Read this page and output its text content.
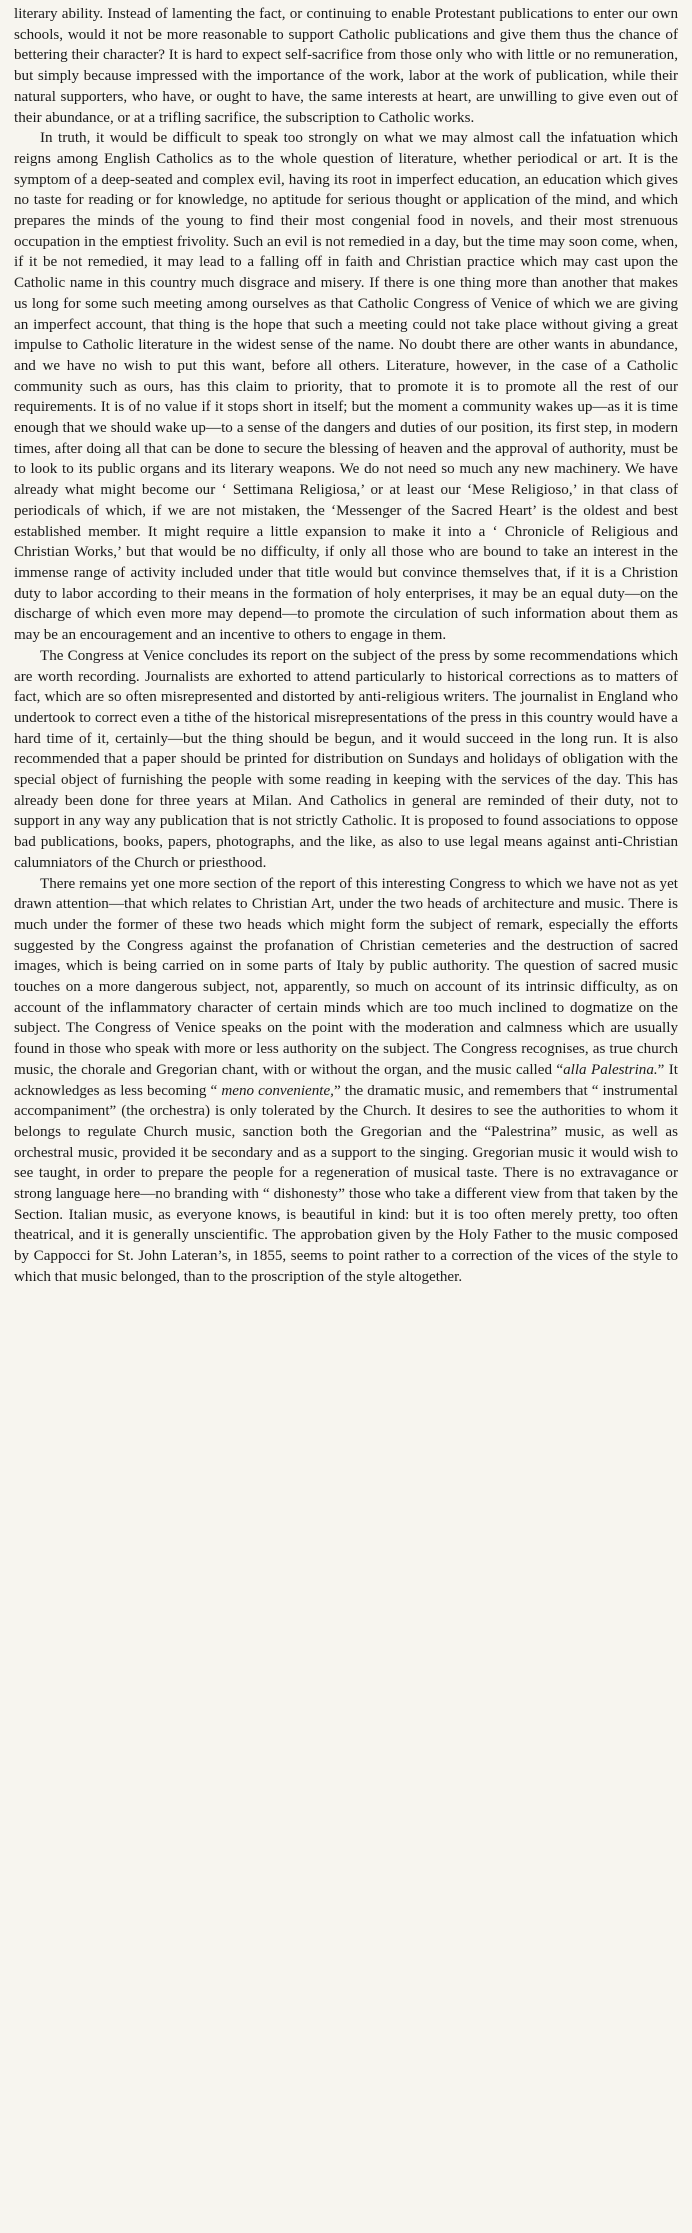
literary ability. Instead of lamenting the fact, or continuing to enable Protestant publications to enter our own schools, would it not be more reasonable to support Catholic publications and give them thus the chance of bettering their character? It is hard to expect self-sacrifice from those only who with little or no remuneration, but simply because impressed with the importance of the work, labor at the work of publication, while their natural supporters, who have, or ought to have, the same interests at heart, are unwilling to give even out of their abundance, or at a trifling sacrifice, the subscription to Catholic works.

In truth, it would be difficult to speak too strongly on what we may almost call the infatuation which reigns among English Catholics as to the whole question of literature, whether periodical or art. It is the symptom of a deep-seated and complex evil, having its root in imperfect education, an education which gives no taste for reading or for knowledge, no aptitude for serious thought or application of the mind, and which prepares the minds of the young to find their most congenial food in novels, and their most strenuous occupation in the emptiest frivolity. Such an evil is not remedied in a day, but the time may soon come, when, if it be not remedied, it may lead to a falling off in faith and Christian practice which may cast upon the Catholic name in this country much disgrace and misery. If there is one thing more than another that makes us long for some such meeting among ourselves as that Catholic Congress of Venice of which we are giving an imperfect account, that thing is the hope that such a meeting could not take place without giving a great impulse to Catholic literature in the widest sense of the name. No doubt there are other wants in abundance, and we have no wish to put this want, before all others. Literature, however, in the case of a Catholic community such as ours, has this claim to priority, that to promote it is to promote all the rest of our requirements. It is of no value if it stops short in itself; but the moment a community wakes up—as it is time enough that we should wake up—to a sense of the dangers and duties of our position, its first step, in modern times, after doing all that can be done to secure the blessing of heaven and the approval of authority, must be to look to its public organs and its literary weapons. We do not need so much any new machinery. We have already what might become our ‘ Settimana Religiosa,’ or at least our ‘Mese Religioso,’ in that class of periodicals of which, if we are not mistaken, the ‘Messenger of the Sacred Heart’ is the oldest and best established member. It might require a little expansion to make it into a ‘ Chronicle of Religious and Christian Works,’ but that would be no difficulty, if only all those who are bound to take an interest in the immense range of activity included under that title would but convince themselves that, if it is a Christion duty to labor according to their means in the formation of holy enterprises, it may be an equal duty—on the discharge of which even more may depend—to promote the circulation of such information about them as may be an encouragement and an incentive to others to engage in them.

The Congress at Venice concludes its report on the subject of the press by some recommendations which are worth recording. Journalists are exhorted to attend particularly to historical corrections as to matters of fact, which are so often misrepresented and distorted by anti-religious writers. The journalist in England who undertook to correct even a tithe of the historical misrepresentations of the press in this country would have a hard time of it, certainly—but the thing should be begun, and it would succeed in the long run. It is also recommended that a paper should be printed for distribution on Sundays and holidays of obligation with the special object of furnishing the people with some reading in keeping with the services of the day. This has already been done for three years at Milan. And Catholics in general are reminded of their duty, not to support in any way any publication that is not strictly Catholic. It is proposed to found associations to oppose bad publications, books, papers, photographs, and the like, as also to use legal means against anti-Christian calumniators of the Church or priesthood.

There remains yet one more section of the report of this interesting Congress to which we have not as yet drawn attention—that which relates to Christian Art, under the two heads of architecture and music. There is much under the former of these two heads which might form the subject of remark, especially the efforts suggested by the Congress against the profanation of Christian cemeteries and the destruction of sacred images, which is being carried on in some parts of Italy by public authority. The question of sacred music touches on a more dangerous subject, not, apparently, so much on account of its intrinsic difficulty, as on account of the inflammatory character of certain minds which are too much inclined to dogmatize on the subject. The Congress of Venice speaks on the point with the moderation and calmness which are usually found in those who speak with more or less authority on the subject. The Congress recognises, as true church music, the chorale and Gregorian chant, with or without the organ, and the music called “alla Palestrina.” It acknowledges as less becoming “ meno conveniente,” the dramatic music, and remembers that “ instrumental accompaniment” (the orchestra) is only tolerated by the Church. It desires to see the authorities to whom it belongs to regulate Church music, sanction both the Gregorian and the “Palestrina” music, as well as orchestral music, provided it be secondary and as a support to the singing. Gregorian music it would wish to see taught, in order to prepare the people for a regeneration of musical taste. There is no extravagance or strong language here—no branding with “ dishonesty” those who take a different view from that taken by the Section. Italian music, as everyone knows, is beautiful in kind: but it is too often merely pretty, too often theatrical, and it is generally unscientific. The approbation given by the Holy Father to the music composed by Cappocci for St. John Lateran’s, in 1855, seems to point rather to a correction of the vices of the style to which that music belonged, than to the proscription of the style altogether.
